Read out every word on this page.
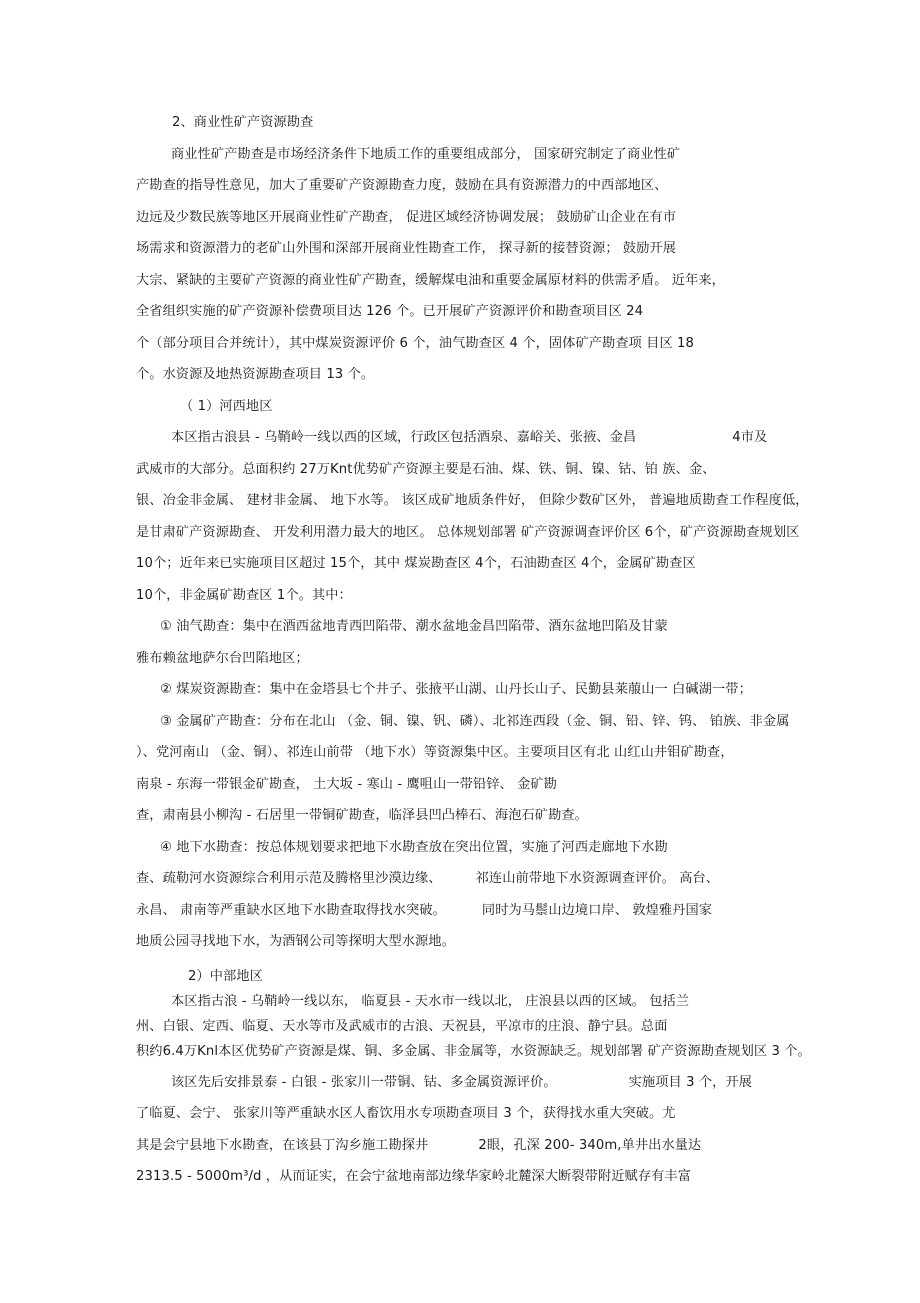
2、商业性矿产资源勘查
商业性矿产勘查是市场经济条件下地质工作的重要组成部分， 国家研究制定了商业性矿
产勘查的指导性意见，加大了重要矿产资源勘查力度，鼓励在具有资源潜力的中西部地区、
边远及少数民族等地区开展商业性矿产勘查， 促进区域经济协调发展； 鼓励矿山企业在有市
场需求和资源潜力的老矿山外围和深部开展商业性勘查工作， 探寻新的接替资源； 鼓励开展
大宗、紧缺的主要矿产资源的商业性矿产勘查，缓解煤电油和重要金属原材料的供需矛盾。 近年来，
全省组织实施的矿产资源补偿费项目达 126 个。已开展矿产资源评价和勘查项目区 24
个（部分项目合并统计），其中煤炭资源评价 6 个，油气勘查区 4 个，固体矿产勘查项 目区 18
个。水资源及地热资源勘查项目 13 个。
（ 1）河西地区
本区指古浪县 - 乌鞘岭一线以西的区域，行政区包括酒泉、嘉峪关、张掖、金昌	4市及
武威市的大部分。总面积约 27万Knt优势矿产资源主要是石油、煤、铁、铜、镍、钴、铂 族、金、
银、冶金非金属、 建材非金属、 地下水等。 该区成矿地质条件好， 但除少数矿区外， 普遍地质勘查工作程度低，
是甘肃矿产资源勘查、 开发利用潜力最大的地区。 总体规划部署 矿产资源调查评价区 6个，矿产资源勘查规划区
10个；近年来已实施项目区超过 15个，其中 煤炭勘查区 4个，石油勘查区 4个，金属矿勘查区
10个，非金属矿勘查区 1个。其中：
① 油气勘查：集中在酒西盆地青西凹陷带、潮水盆地金昌凹陷带、酒东盆地凹陷及甘蒙
雅布赖盆地萨尔台凹陷地区；
② 煤炭资源勘查：集中在金塔县七个井子、张掖平山湖、山丹长山子、民勤县莱菔山一 白碱湖一带；
③ 金属矿产勘查：分布在北山 （金、铜、镍、钒、磷）、北祁连西段（金、铜、铅、锌、钨、 铂族、非金属
）、党河南山 （金、铜）、祁连山前带 （地下水）等资源集中区。主要项目区有北 山红山井钼矿勘查，
南泉 - 东海一带银金矿勘查， 土大坂 - 寒山 - 鹰咀山一带铅锌、 金矿勘
查，肃南县小柳沟 - 石居里一带铜矿勘查，临泽县凹凸棒石、海泡石矿勘查。
④ 地下水勘查：按总体规划要求把地下水勘查放在突出位置，实施了河西走廊地下水勘
查、疏勒河水资源综合利用示范及腾格里沙漠边缘、	祁连山前带地下水资源调查评价。 高台、
永昌、 肃南等严重缺水区地下水勘查取得找水突破。	同时为马鬃山边境口岸、 敦煌雅丹国家
地质公园寻找地下水，为酒钢公司等探明大型水源地。
2）中部地区
本区指古浪 - 乌鞘岭一线以东， 临夏县 - 天水市一线以北， 庄浪县以西的区域。 包括兰
州、白银、定西、临夏、天水等市及武威市的古浪、天祝县，平凉市的庄浪、静宁县。总面
积约6.4万Knl本区优势矿产资源是煤、铜、多金属、非金属等，水资源缺乏。规划部署 矿产资源勘查规划区 3 个。
该区先后安排景泰 - 白银 - 张家川一带铜、钴、多金属资源评价。	实施项目 3 个，开展
了临夏、会宁、 张家川等严重缺水区人畜饮用水专项勘查项目 3 个，获得找水重大突破。尤
其是会宁县地下水勘查，在该县丁沟乡施工勘探井	2眼，孔深 200- 340m,单井出水量达
2313.5 - 5000m³/d ，从而证实，在会宁盆地南部边缘华家岭北麓深大断裂带附近赋存有丰富
